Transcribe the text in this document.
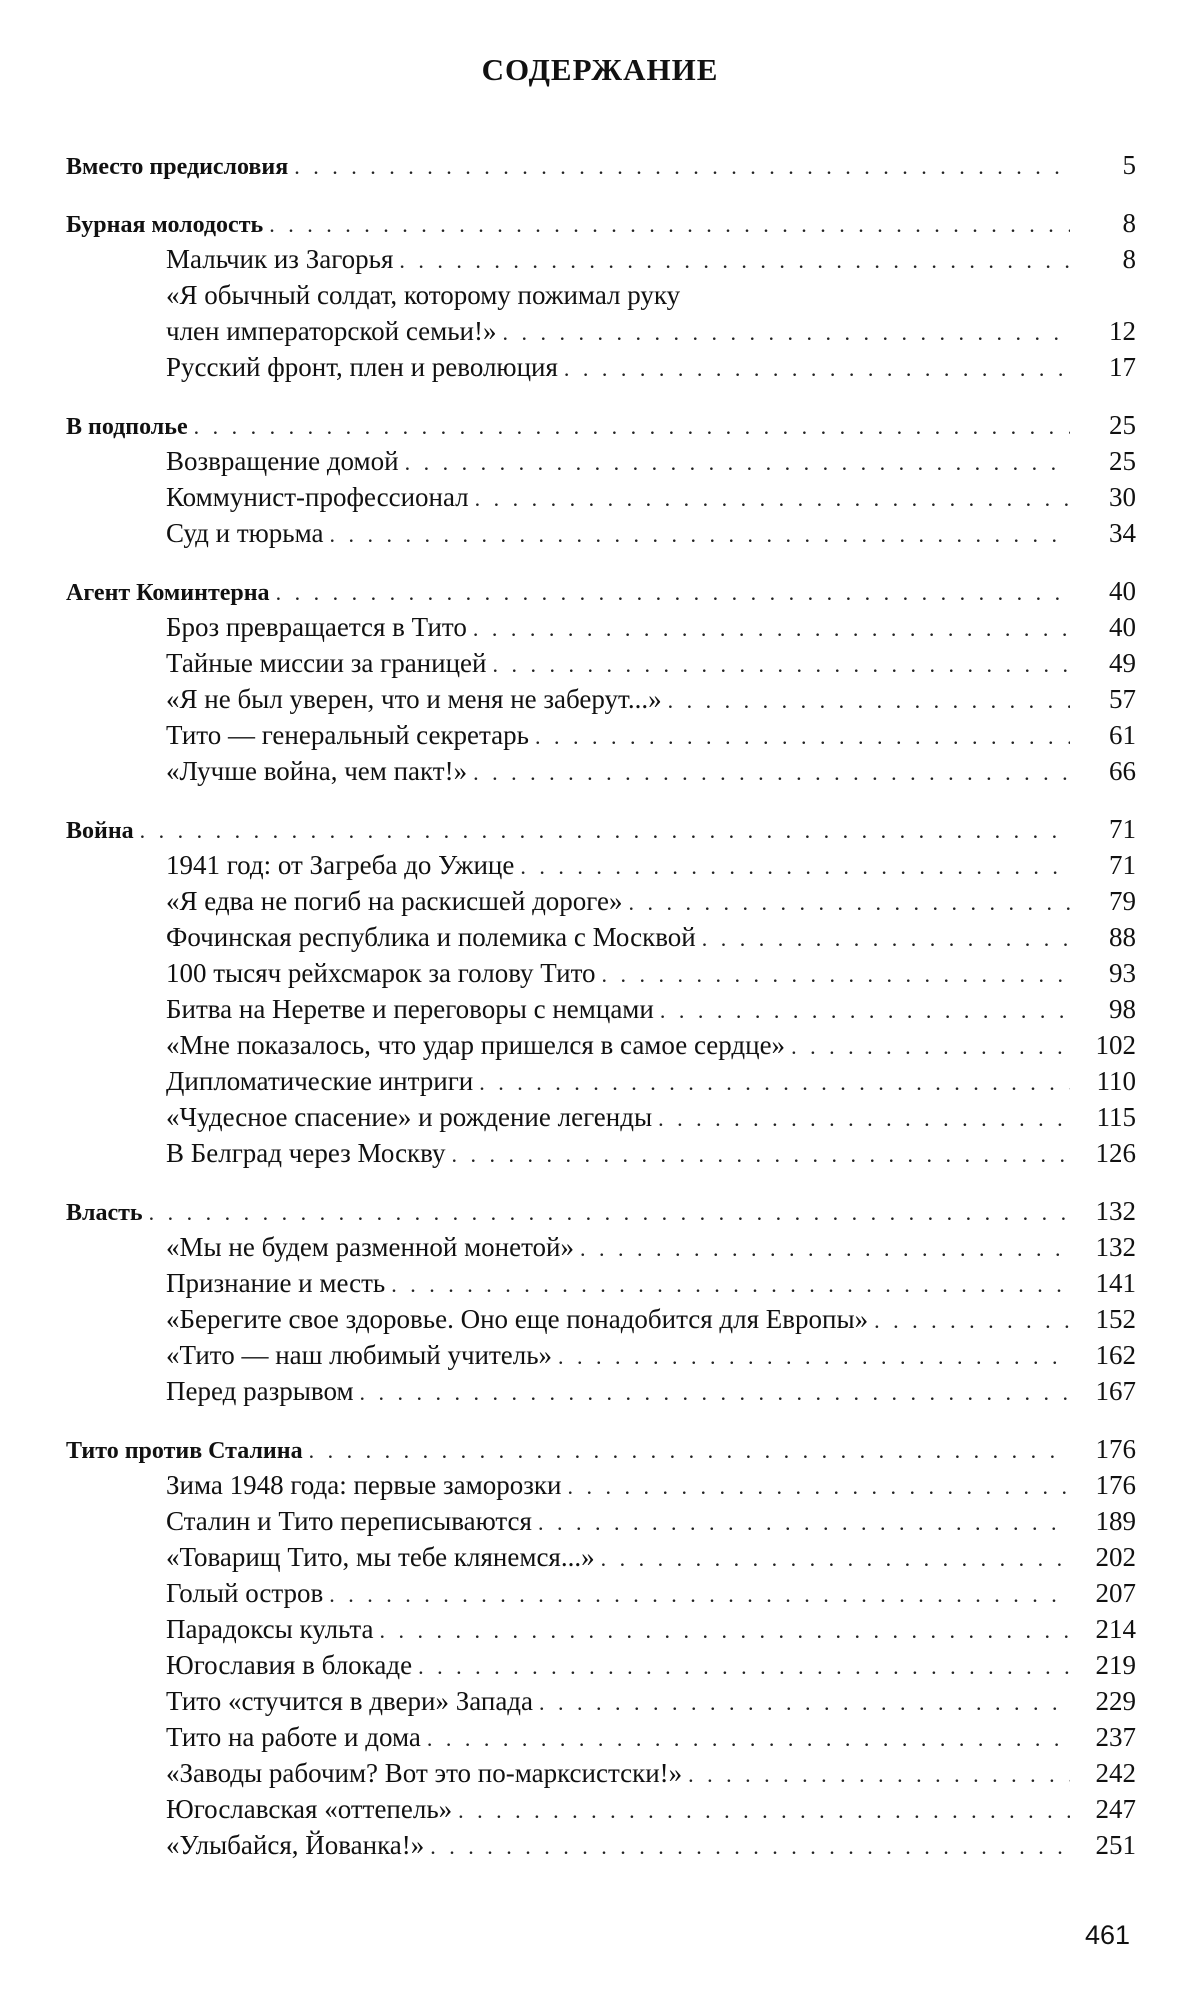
СОДЕРЖАНИЕ
Вместо предисловия . . .	5
Бурная молодость . . .	8
Мальчик из Загорья . . .	8
«Я обычный солдат, которому пожимал руку
член императорской семьи!» . . .	12
Русский фронт, плен и революция . . .	17
В подполье . . .	25
Возвращение домой . . .	25
Коммунист-профессионал . . .	30
Суд и тюрьма . . .	34
Агент Коминтерна . . .	40
Броз превращается в Тито . . .	40
Тайные миссии за границей . . .	49
«Я не был уверен, что и меня не заберут...» . . .	57
Тито — генеральный секретарь . . .	61
«Лучше война, чем пакт!» . . .	66
Война . . .	71
1941 год: от Загреба до Ужице . . .	71
«Я едва не погиб на раскисшей дороге» . . .	79
Фочинская республика и полемика с Москвой . . .	88
100 тысяч рейхсмарок за голову Тито . . .	93
Битва на Неретве и переговоры с немцами . . .	98
«Мне показалось, что удар пришелся в самое сердце» . . .	102
Дипломатические интриги . . .	110
«Чудесное спасение» и рождение легенды . . .	115
В Белград через Москву . . .	126
Власть . . .	132
«Мы не будем разменной монетой» . . .	132
Признание и месть . . .	141
«Берегите свое здоровье. Оно еще понадобится для Европы» . . .	152
«Тито — наш любимый учитель» . . .	162
Перед разрывом . . .	167
Тито против Сталина . . .	176
Зима 1948 года: первые заморозки . . .	176
Сталин и Тито переписываются . . .	189
«Товарищ Тито, мы тебе клянемся...» . . .	202
Голый остров . . .	207
Парадоксы культа . . .	214
Югославия в блокаде . . .	219
Тито «стучится в двери» Запада . . .	229
Тито на работе и дома . . .	237
«Заводы рабочим? Вот это по-марксистски!» . . .	242
Югославская «оттепель» . . .	247
«Улыбайся, Йованка!» . . .	251
461
